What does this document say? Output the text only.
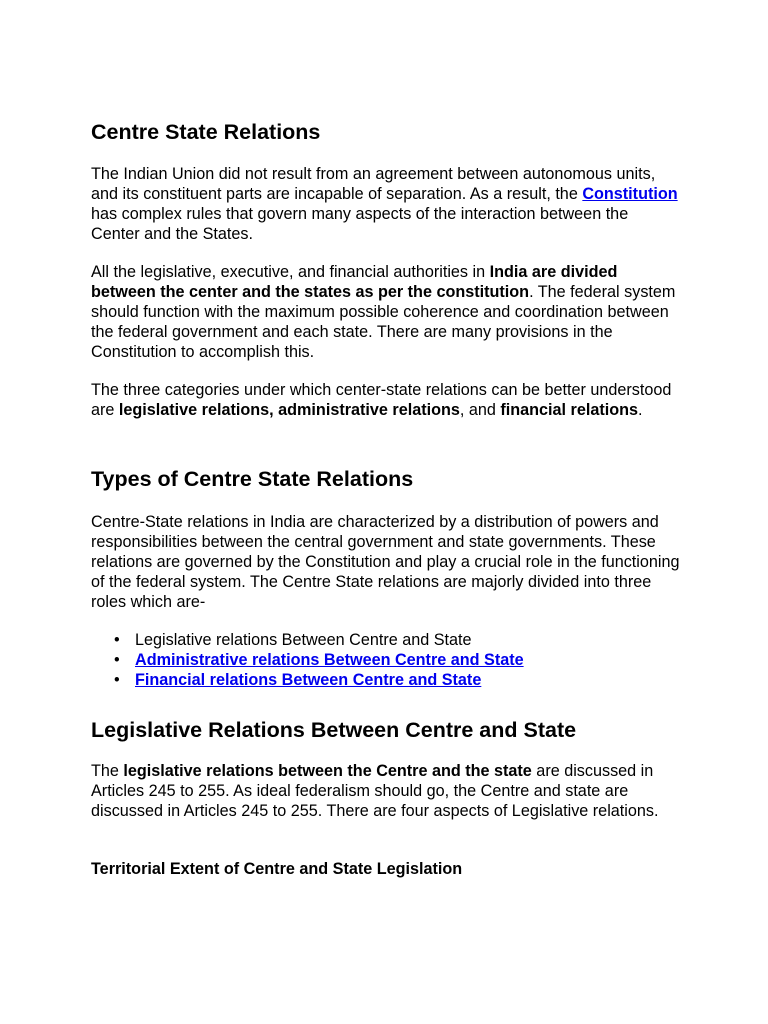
Centre State Relations

The Indian Union did not result from an agreement between autonomous units, and its constituent parts are incapable of separation. As a result, the Constitution has complex rules that govern many aspects of the interaction between the Center and the States.

All the legislative, executive, and financial authorities in India are divided between the center and the states as per the constitution. The federal system should function with the maximum possible coherence and coordination between the federal government and each state. There are many provisions in the Constitution to accomplish this.

The three categories under which center-state relations can be better understood are legislative relations, administrative relations, and financial relations.

Types of Centre State Relations

Centre-State relations in India are characterized by a distribution of powers and responsibilities between the central government and state governments. These relations are governed by the Constitution and play a crucial role in the functioning of the federal system. The Centre State relations are majorly divided into three roles which are-

• Legislative relations Between Centre and State
• Administrative relations Between Centre and State
• Financial relations Between Centre and State
Legislative Relations Between Centre and State

The legislative relations between the Centre and the state are discussed in Articles 245 to 255. As ideal federalism should go, the Centre and state are discussed in Articles 245 to 255. There are four aspects of Legislative relations.

Territorial Extent of Centre and State Legislation
